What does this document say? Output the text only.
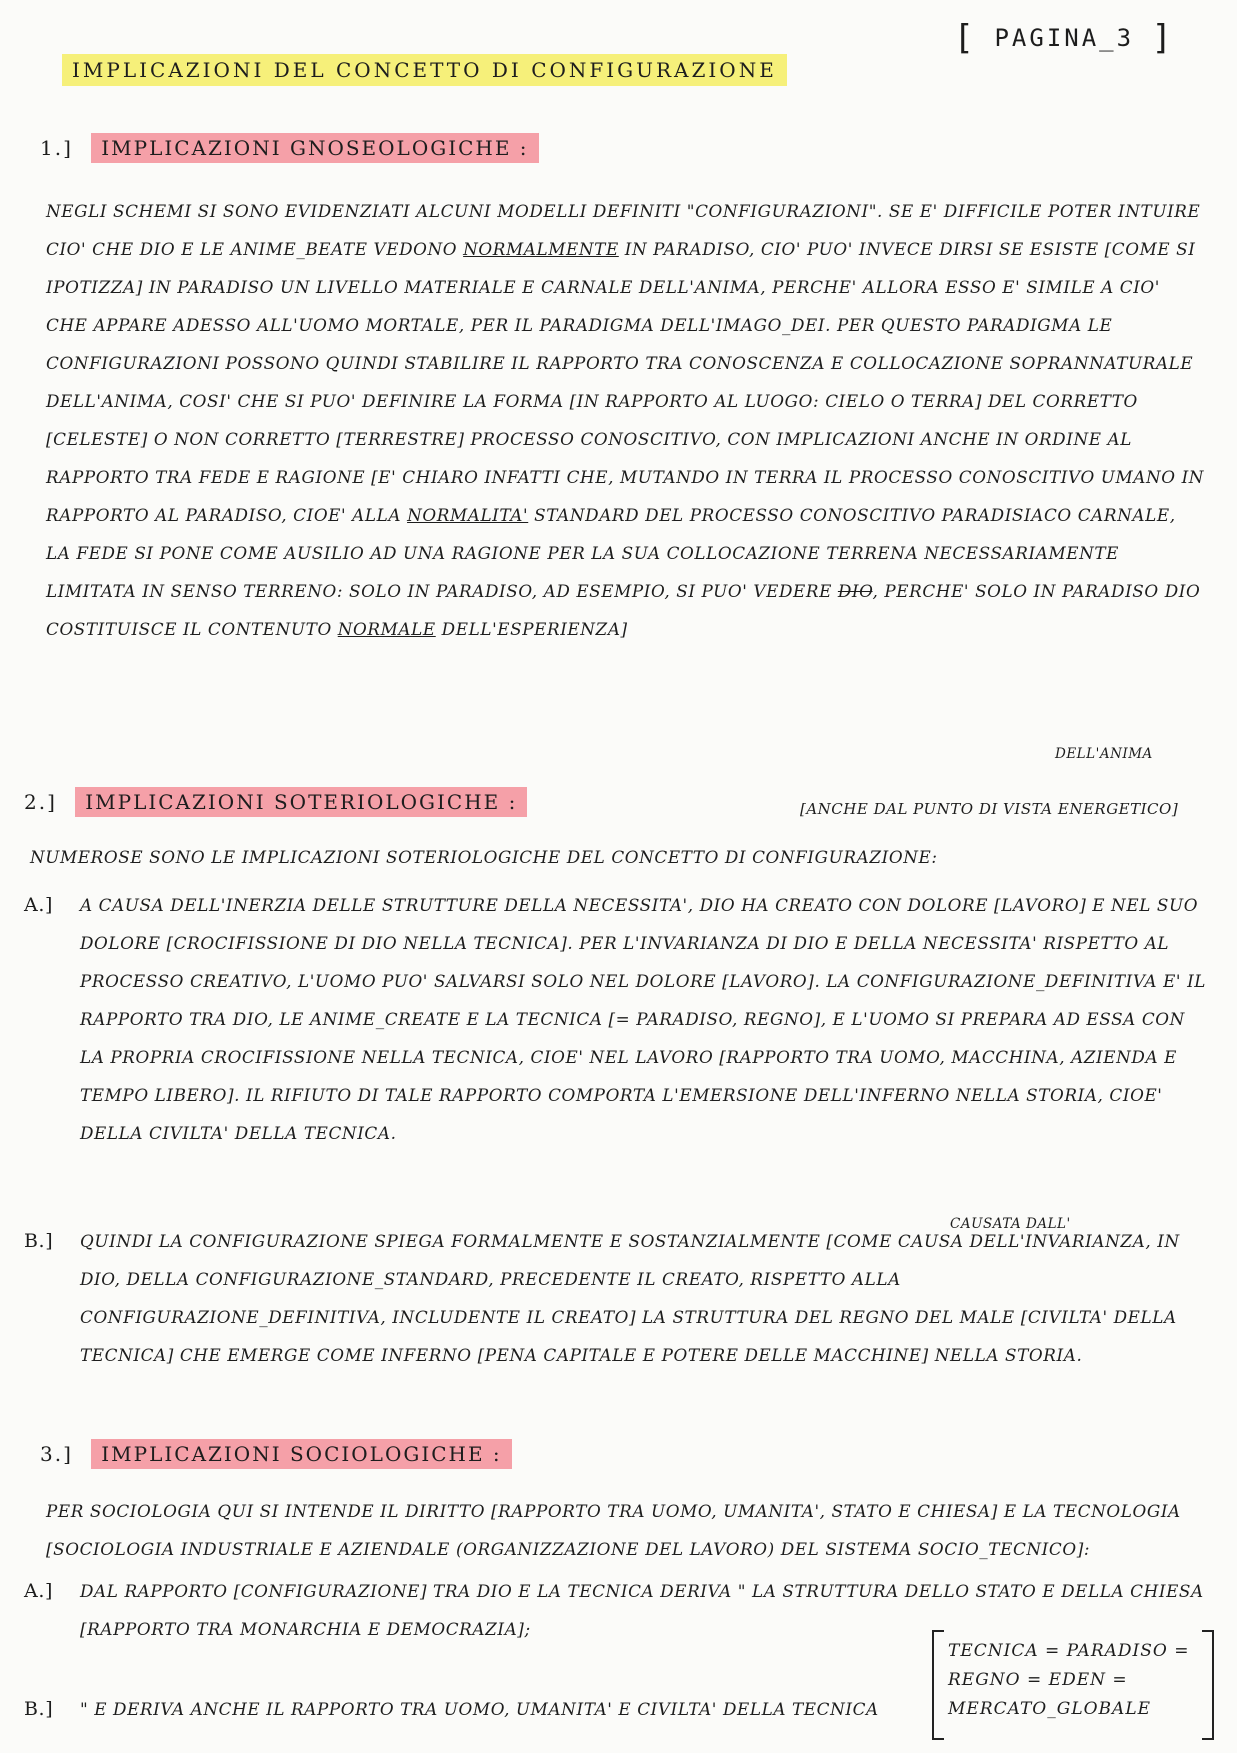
[ PAGINA_3 ]
IMPLICAZIONI DEL CONCETTO DI CONFIGURAZIONE
1.] IMPLICAZIONI GNOSEOLOGICHE :

NEGLI SCHEMI SI SONO EVIDENZIATI ALCUNI MODELLI DEFINITI "CONFIGURAZIONI". SE E' DIFFICILE POTER INTUIRE CIO' CHE DIO E LE ANIME_BEATE VEDONO NORMALMENTE IN PARADISO, CIO' PUO' INVECE DIRSI SE ESISTE [COME SI IPOTIZZA] IN PARADISO UN LIVELLO MATERIALE E CARNALE DELL'ANIMA, PERCHE' ALLORA ESSO E' SIMILE A CIO' CHE APPARE ADESSO ALL'UOMO MORTALE, PER IL PARADIGMA DELL'IMAGO_DEI. PER QUESTO PARADIGMA LE CONFIGURAZIONI POSSONO QUINDI STABILIRE IL RAPPORTO TRA CONOSCENZA E COLLOCAZIONE SOPRANNATURALE DELL'ANIMA, COSI' CHE SI PUO' DEFINIRE LA FORMA [IN RAPPORTO AL LUOGO: CIELO O TERRA] DEL CORRETTO [CELESTE] O NON CORRETTO [TERRESTRE] PROCESSO CONOSCITIVO, CON IMPLICAZIONI ANCHE IN ORDINE AL RAPPORTO TRA FEDE E RAGIONE [E' CHIARO INFATTI CHE, MUTANDO IN TERRA IL PROCESSO CONOSCITIVO UMANO IN RAPPORTO AL PARADISO, CIOE' ALLA NORMALITA' STANDARD DEL PROCESSO CONOSCITIVO PARADISIACO CARNALE, LA FEDE SI PONE COME AUSILIO AD UNA RAGIONE PER LA SUA COLLOCAZIONE TERRENA NECESSARIAMENTE LIMITATA IN SENSO TERRENO: SOLO IN PARADISO, AD ESEMPIO, SI PUO' VEDERE DIO, PERCHE' SOLO IN PARADISO DIO COSTITUISCE IL CONTENUTO NORMALE DELL'ESPERIENZA]

DELL'ANIMA
[ANCHE DAL PUNTO DI VISTA ENERGETICO]
2.] IMPLICAZIONI SOTERIOLOGICHE :

NUMEROSE SONO LE IMPLICAZIONI SOTERIOLOGICHE DEL CONCETTO DI CONFIGURAZIONE:

A.] A CAUSA DELL'INERZIA DELLE STRUTTURE DELLA NECESSITA', DIO HA CREATO CON DOLORE [LAVORO] E NEL SUO DOLORE [CROCIFISSIONE DI DIO NELLA TECNICA]. PER L'INVARIANZA DI DIO E DELLA NECESSITA' RISPETTO AL PROCESSO CREATIVO, L'UOMO PUO' SALVARSI SOLO NEL DOLORE [LAVORO]. LA CONFIGURAZIONE_DEFINITIVA E' IL RAPPORTO TRA DIO, LE ANIME_CREATE E LA TECNICA [= PARADISO, REGNO], E L'UOMO SI PREPARA AD ESSA CON LA PROPRIA CROCIFISSIONE NELLA TECNICA, CIOE' NEL LAVORO [RAPPORTO TRA UOMO, MACCHINA, AZIENDA E TEMPO LIBERO]. IL RIFIUTO DI TALE RAPPORTO COMPORTA L'EMERSIONE DELL'INFERNO NELLA STORIA, CIOE' DELLA CIVILTA' DELLA TECNICA.
CAUSATA DALL'
B.] QUINDI LA CONFIGURAZIONE SPIEGA FORMALMENTE E SOSTANZIALMENTE [COME CAUSA DELL'INVARIANZA, IN DIO, DELLA CONFIGURAZIONE_STANDARD, PRECEDENTE IL CREATO, RISPETTO ALLA CONFIGURAZIONE_DEFINITIVA, INCLUDENTE IL CREATO] LA STRUTTURA DEL REGNO DEL MALE [CIVILTA' DELLA TECNICA] CHE EMERGE COME INFERNO [PENA CAPITALE E POTERE DELLE MACCHINE] NELLA STORIA.
3.] IMPLICAZIONI SOCIOLOGICHE :

PER SOCIOLOGIA QUI SI INTENDE IL DIRITTO [RAPPORTO TRA UOMO, UMANITA', STATO E CHIESA] E LA TECNOLOGIA [SOCIOLOGIA INDUSTRIALE E AZIENDALE (ORGANIZZAZIONE DEL LAVORO) DEL SISTEMA SOCIO_TECNICO]:

A.] DAL RAPPORTO [CONFIGURAZIONE] TRA DIO E LA TECNICA DERIVA " LA STRUTTURA DELLO STATO E DELLA CHIESA [RAPPORTO TRA MONARCHIA E DEMOCRAZIA];
B.] " E DERIVA ANCHE IL RAPPORTO TRA UOMO, UMANITA' E CIVILTA' DELLA TECNICA
TECNICA = PARADISO =
REGNO = EDEN =
MERCATO_GLOBALE
